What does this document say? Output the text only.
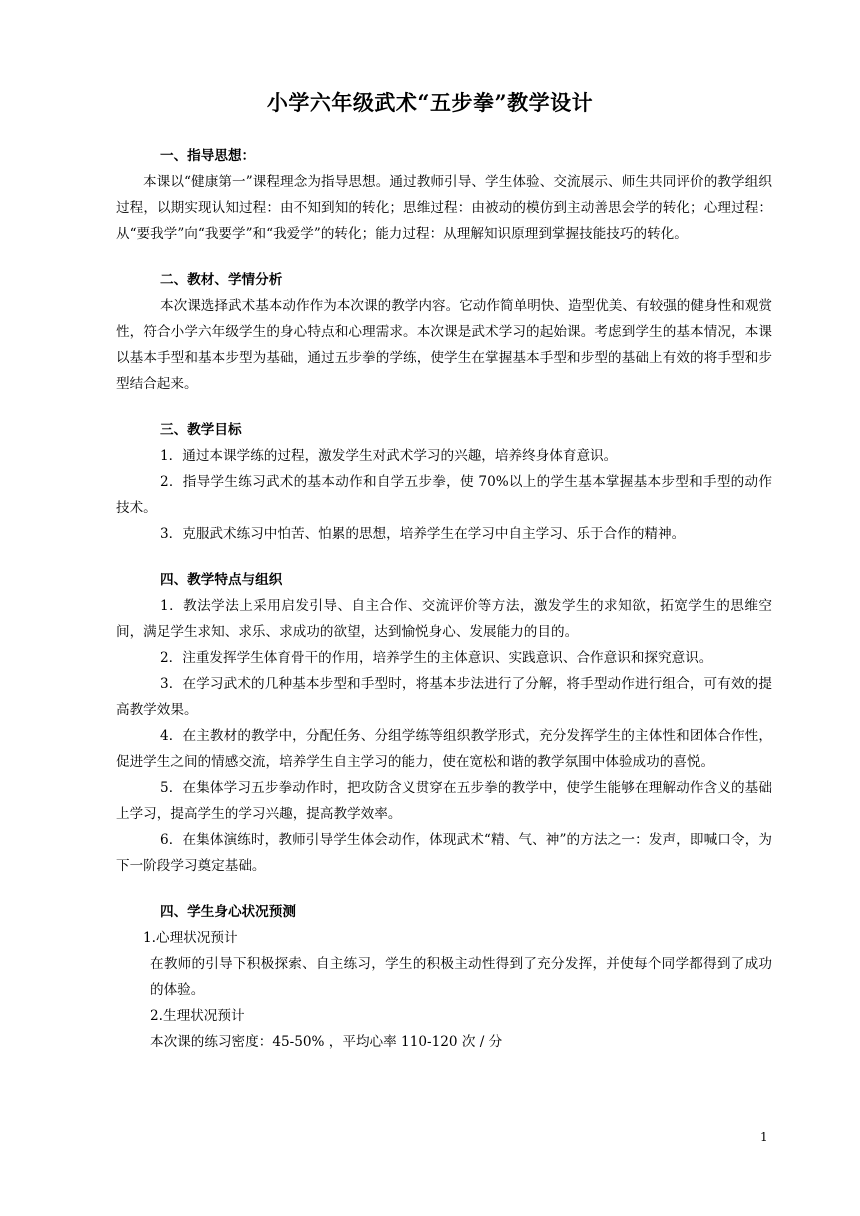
小学六年级武术“五步拳”教学设计

一、指导思想：

本课以“健康第一”课程理念为指导思想。通过教师引导、学生体验、交流展示、师生共同评价的教学组织过程，以期实现认知过程：由不知到知的转化；思维过程：由被动的模仿到主动善思会学的转化；心理过程：从“要我学”向“我要学”和“我爱学”的转化；能力过程：从理解知识原理到掌握技能技巧的转化。

二、教材、学情分析

本次课选择武术基本动作作为本次课的教学内容。它动作简单明快、造型优美、有较强的健身性和观赏性，符合小学六年级学生的身心特点和心理需求。本次课是武术学习的起始课。考虑到学生的基本情况，本课以基本手型和基本步型为基础，通过五步拳的学练，使学生在掌握基本手型和步型的基础上有效的将手型和步型结合起来。

三、教学目标

1．通过本课学练的过程，激发学生对武术学习的兴趣，培养终身体育意识。

2．指导学生练习武术的基本动作和自学五步拳，使 70%以上的学生基本掌握基本步型和手型的动作技术。

3．克服武术练习中怕苦、怕累的思想，培养学生在学习中自主学习、乐于合作的精神。

四、教学特点与组织

1．教法学法上采用启发引导、自主合作、交流评价等方法，激发学生的求知欲，拓宽学生的思维空间，满足学生求知、求乐、求成功的欲望，达到愉悦身心、发展能力的目的。

2．注重发挥学生体育骨干的作用，培养学生的主体意识、实践意识、合作意识和探究意识。

3．在学习武术的几种基本步型和手型时，将基本步法进行了分解，将手型动作进行组合，可有效的提高教学效果。

4．在主教材的教学中，分配任务、分组学练等组织教学形式，充分发挥学生的主体性和团体合作性，促进学生之间的情感交流，培养学生自主学习的能力，使在宽松和谐的教学氛围中体验成功的喜悦。

5．在集体学习五步拳动作时，把攻防含义贯穿在五步拳的教学中，使学生能够在理解动作含义的基础上学习，提高学生的学习兴趣，提高教学效率。

6．在集体演练时，教师引导学生体会动作，体现武术“精、气、神”的方法之一：发声，即喊口令，为下一阶段学习奠定基础。

四、学生身心状况预测

1.心理状况预计

在教师的引导下积极探索、自主练习，学生的积极主动性得到了充分发挥，并使每个同学都得到了成功的体验。

2.生理状况预计

本次课的练习密度：45-50% ，平均心率 110-120 次 / 分

1
